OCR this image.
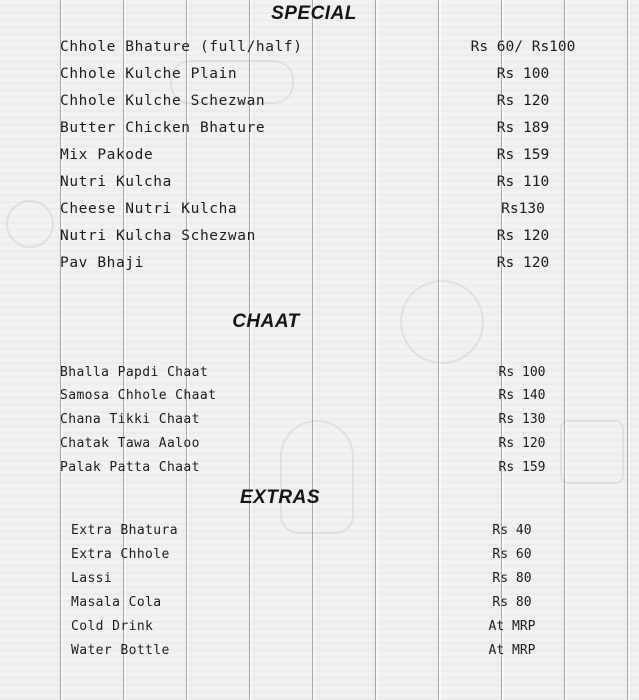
SPECIAL
Chhole Bhature (full/half)	Rs 60/ Rs100
Chhole Kulche Plain	Rs 100
Chhole Kulche Schezwan	Rs 120
Butter Chicken Bhature	Rs 189
Mix Pakode	Rs 159
Nutri Kulcha	Rs 110
Cheese Nutri Kulcha	Rs130
Nutri Kulcha Schezwan	Rs 120
Pav Bhaji	Rs 120
CHAAT
Bhalla Papdi Chaat	Rs 100
Samosa Chhole Chaat	Rs 140
Chana Tikki Chaat	Rs 130
Chatak Tawa Aaloo	Rs 120
Palak Patta Chaat	Rs 159
EXTRAS
Extra Bhatura	Rs 40
Extra Chhole	Rs 60
Lassi	Rs 80
Masala Cola	Rs 80
Cold Drink	At MRP
Water Bottle	At MRP
